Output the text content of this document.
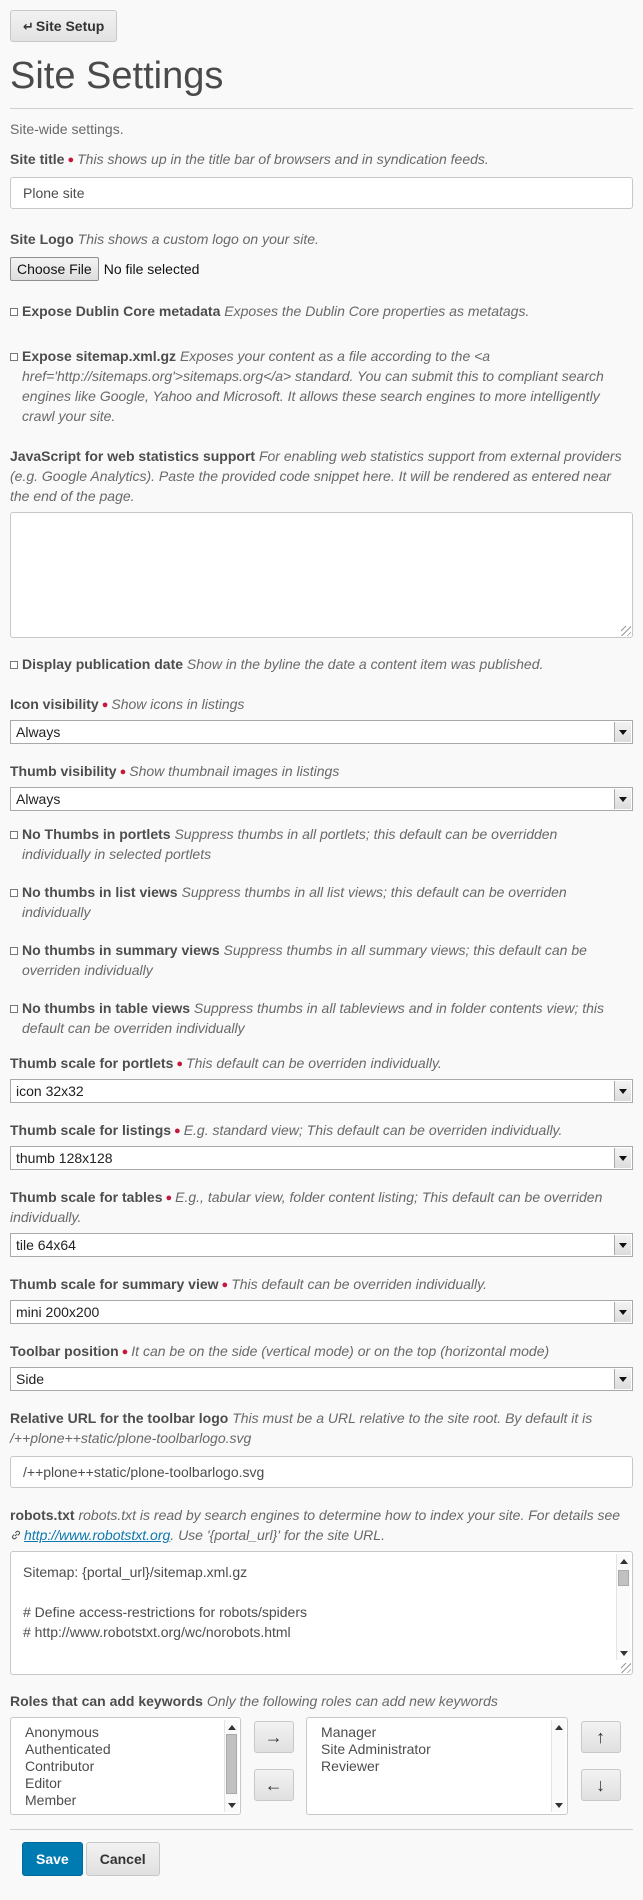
↵ Site Setup
Site Settings
Site-wide settings.
Site title ● This shows up in the title bar of browsers and in syndication feeds.
Plone site
Site Logo This shows a custom logo on your site.
Choose File No file selected
Expose Dublin Core metadata Exposes the Dublin Core properties as metatags.
Expose sitemap.xml.gz Exposes your content as a file according to the <a href='http://sitemaps.org'>sitemaps.org</a> standard. You can submit this to compliant search engines like Google, Yahoo and Microsoft. It allows these search engines to more intelligently crawl your site.
JavaScript for web statistics support For enabling web statistics support from external providers (e.g. Google Analytics). Paste the provided code snippet here. It will be rendered as entered near the end of the page.
Display publication date Show in the byline the date a content item was published.
Icon visibility ● Show icons in listings
Always
Thumb visibility ● Show thumbnail images in listings
Always
No Thumbs in portlets Suppress thumbs in all portlets; this default can be overridden individually in selected portlets
No thumbs in list views Suppress thumbs in all list views; this default can be overriden individually
No thumbs in summary views Suppress thumbs in all summary views; this default can be overriden individually
No thumbs in table views Suppress thumbs in all tableviews and in folder contents view; this default can be overriden individually
Thumb scale for portlets ● This default can be overriden individually.
icon 32x32
Thumb scale for listings ● E.g. standard view; This default can be overriden individually.
thumb 128x128
Thumb scale for tables ● E.g., tabular view, folder content listing; This default can be overriden individually.
tile 64x64
Thumb scale for summary view ● This default can be overriden individually.
mini 200x200
Toolbar position ● It can be on the side (vertical mode) or on the top (horizontal mode)
Side
Relative URL for the toolbar logo This must be a URL relative to the site root. By default it is /++plone++static/plone-toolbarlogo.svg
/++plone++static/plone-toolbarlogo.svg
robots.txt robots.txt is read by search engines to determine how to index your site. For details see http://www.robotstxt.org. Use '{portal_url}' for the site URL.
Sitemap: {portal_url}/sitemap.xml.gz
# Define access-restrictions for robots/spiders
# http://www.robotstxt.org/wc/norobots.html
Roles that can add keywords Only the following roles can add new keywords
Anonymous
Authenticated
Contributor
Editor
Member
→
←
Manager
Site Administrator
Reviewer
↑
↓
Save	Cancel
